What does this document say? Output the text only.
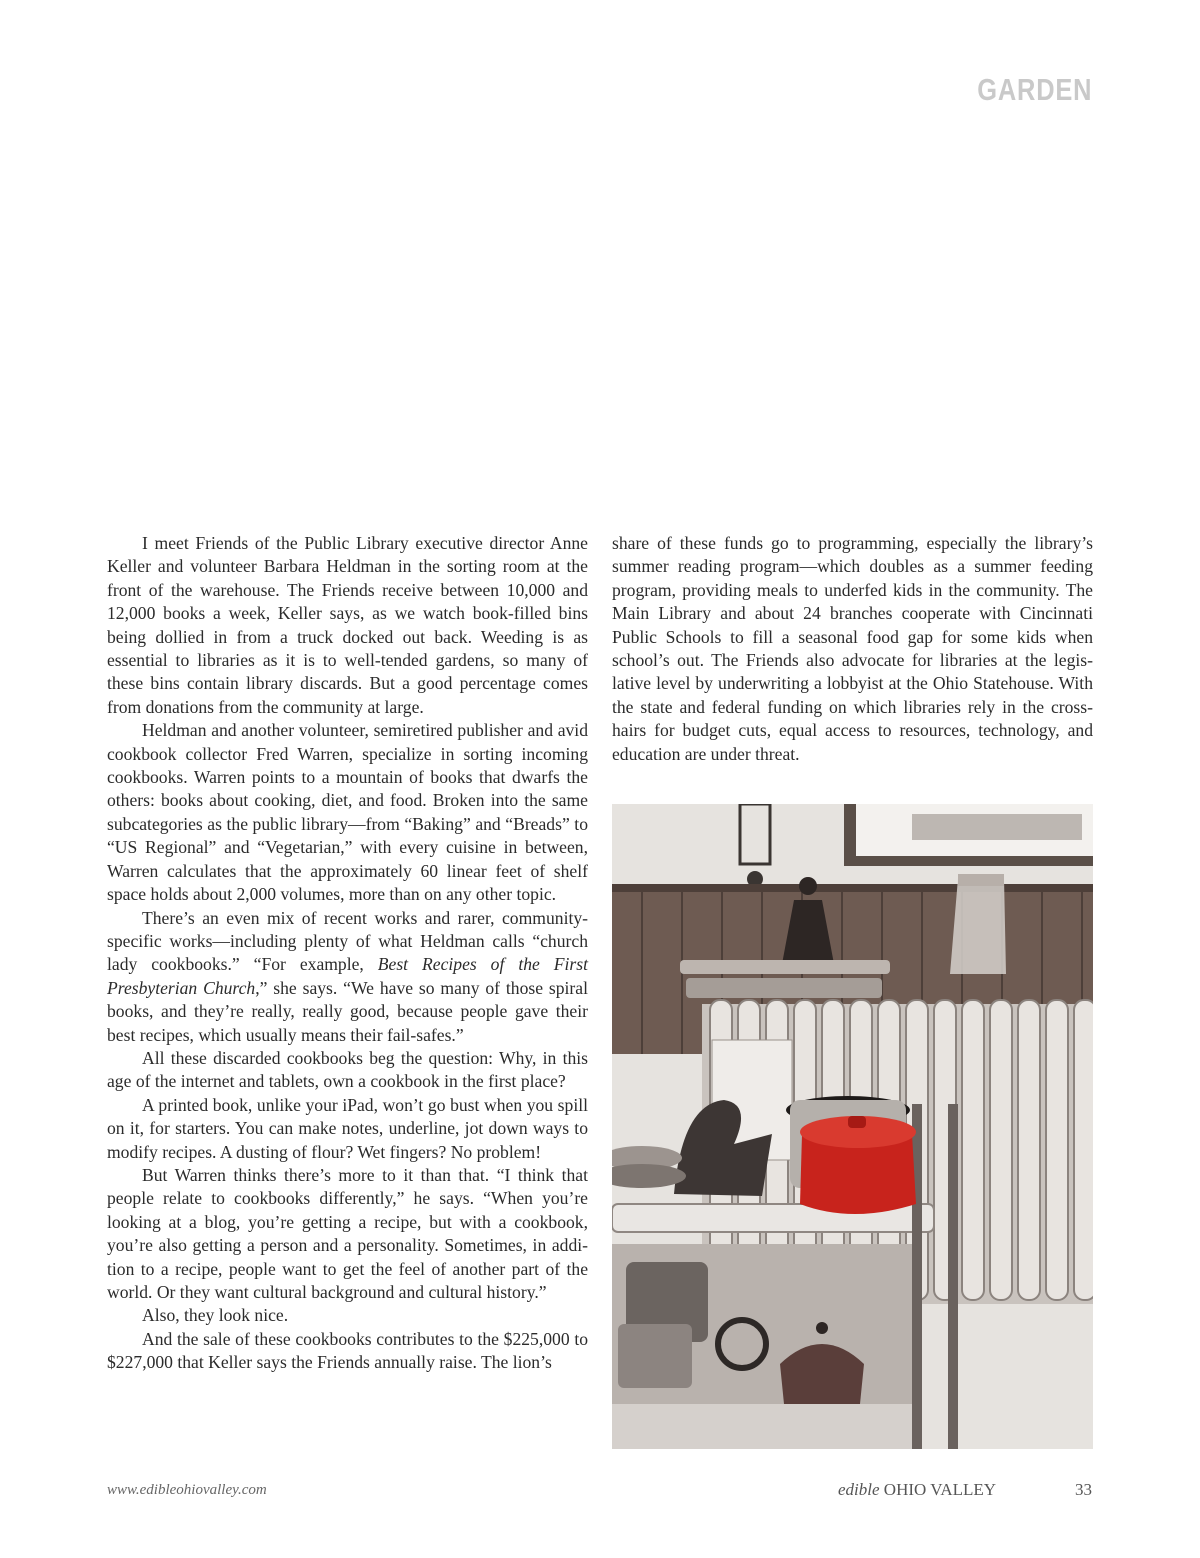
GARDEN

I meet Friends of the Public Library executive director Anne Keller and volunteer Barbara Heldman in the sorting room at the front of the warehouse. The Friends receive between 10,000 and 12,000 books a week, Keller says, as we watch book-filled bins being dollied in from a truck docked out back. Weeding is as essential to libraries as it is to well-tended gardens, so many of these bins contain library discards. But a good percentage comes from donations from the community at large.

Heldman and another volunteer, semiretired publisher and avid cookbook collector Fred Warren, specialize in sorting incoming cookbooks. Warren points to a mountain of books that dwarfs the others: books about cooking, diet, and food. Broken into the same subcategories as the public library—from “Baking” and “Breads” to “US Regional” and “Vegetarian,” with every cuisine in between, Warren calculates that the approximately 60 linear feet of shelf space holds about 2,000 volumes, more than on any other topic.

There’s an even mix of recent works and rarer, community-specific works—including plenty of what Heldman calls “church lady cookbooks.” “For example, Best Recipes of the First Presbyterian Church,” she says. “We have so many of those spiral books, and they’re really, really good, because people gave their best recipes, which usually means their fail-safes.”

All these discarded cookbooks beg the question: Why, in this age of the internet and tablets, own a cookbook in the first place?

A printed book, unlike your iPad, won’t go bust when you spill on it, for starters. You can make notes, underline, jot down ways to modify recipes. A dusting of flour? Wet fingers? No problem!

But Warren thinks there’s more to it than that. “I think that people relate to cookbooks differently,” he says. “When you’re looking at a blog, you’re getting a recipe, but with a cookbook, you’re also getting a person and a personality. Sometimes, in addition to a recipe, people want to get the feel of another part of the world. Or they want cultural background and cultural history.”

Also, they look nice.

And the sale of these cookbooks contributes to the $225,000 to $227,000 that Keller says the Friends annually raise. The lion’s

share of these funds go to programming, especially the library’s summer reading program—which doubles as a summer feeding program, providing meals to underfed kids in the community. The Main Library and about 24 branches cooperate with Cincinnati Public Schools to fill a seasonal food gap for some kids when school’s out. The Friends also advocate for libraries at the legislative level by underwriting a lobbyist at the Ohio Statehouse. With the state and federal funding on which libraries rely in the cross-hairs for budget cuts, equal access to resources, technology, and education are under threat.

www.edibleohiovalley.com	edible OHIO VALLEY	33
